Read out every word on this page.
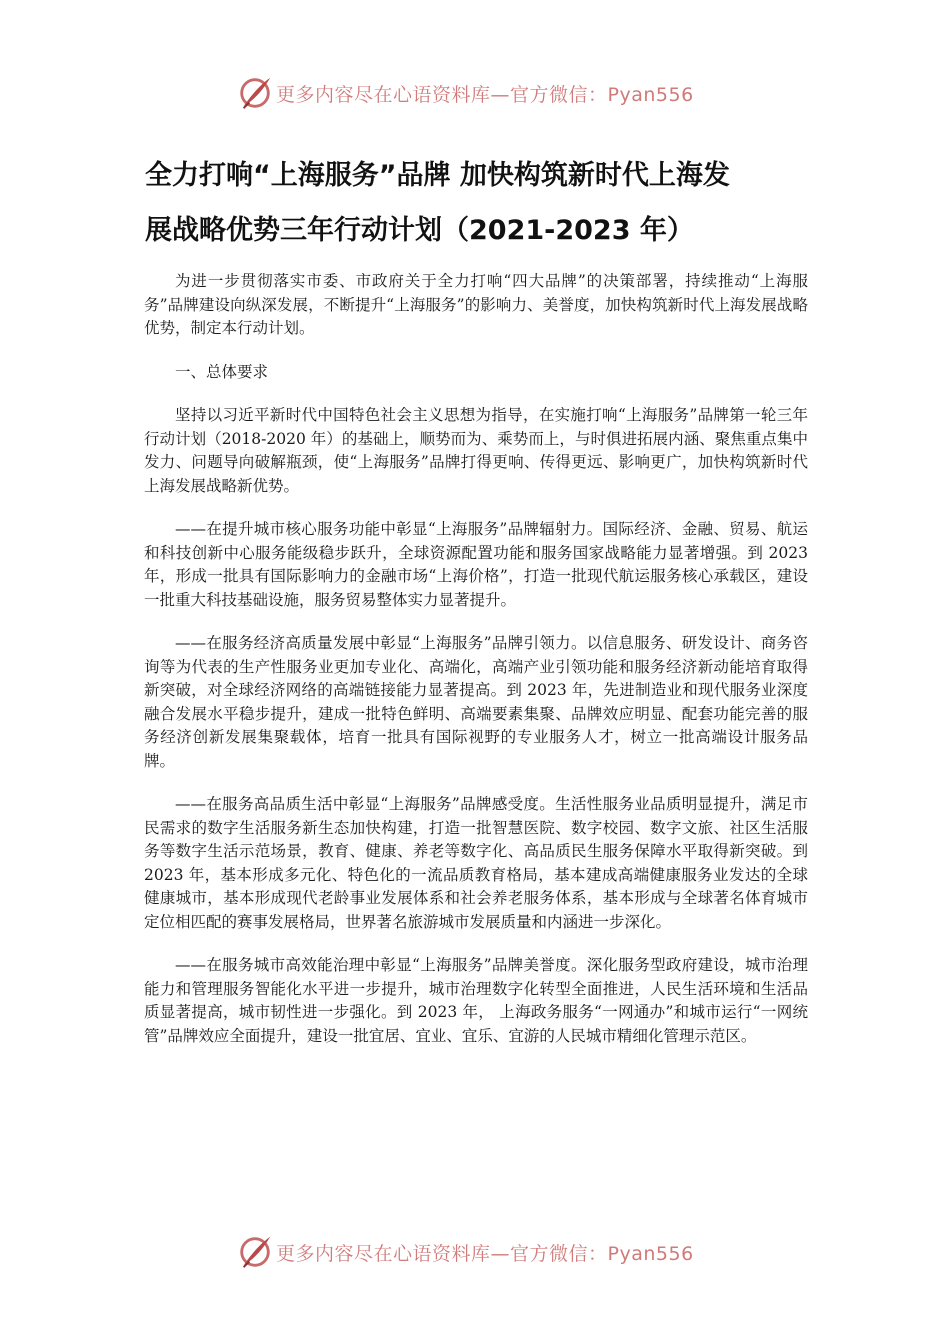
更多内容尽在心语资料库—官方微信：Pyan556
全力打响“上海服务”品牌 加快构筑新时代上海发
展战略优势三年行动计划（2021-2023 年）

为进一步贯彻落实市委、市政府关于全力打响“四大品牌”的决策部署，持续推动“上海服务”品牌建设向纵深发展，不断提升“上海服务”的影响力、美誉度，加快构筑新时代上海发展战略优势，制定本行动计划。

一、总体要求

坚持以习近平新时代中国特色社会主义思想为指导，在实施打响“上海服务”品牌第一轮三年行动计划（2018-2020 年）的基础上，顺势而为、乘势而上，与时俱进拓展内涵、聚焦重点集中发力、问题导向破解瓶颈，使“上海服务”品牌打得更响、传得更远、影响更广，加快构筑新时代上海发展战略新优势。

——在提升城市核心服务功能中彰显“上海服务”品牌辐射力。国际经济、金融、贸易、航运和科技创新中心服务能级稳步跃升，全球资源配置功能和服务国家战略能力显著增强。到 2023 年，形成一批具有国际影响力的金融市场“上海价格”，打造一批现代航运服务核心承载区，建设一批重大科技基础设施，服务贸易整体实力显著提升。

——在服务经济高质量发展中彰显“上海服务”品牌引领力。以信息服务、研发设计、商务咨询等为代表的生产性服务业更加专业化、高端化，高端产业引领功能和服务经济新动能培育取得新突破，对全球经济网络的高端链接能力显著提高。到 2023 年，先进制造业和现代服务业深度融合发展水平稳步提升，建成一批特色鲜明、高端要素集聚、品牌效应明显、配套功能完善的服务经济创新发展集聚载体，培育一批具有国际视野的专业服务人才，树立一批高端设计服务品牌。

——在服务高品质生活中彰显“上海服务”品牌感受度。生活性服务业品质明显提升，满足市民需求的数字生活服务新生态加快构建，打造一批智慧医院、数字校园、数字文旅、社区生活服务等数字生活示范场景，教育、健康、养老等数字化、高品质民生服务保障水平取得新突破。到 2023 年，基本形成多元化、特色化的一流品质教育格局，基本建成高端健康服务业发达的全球健康城市，基本形成现代老龄事业发展体系和社会养老服务体系，基本形成与全球著名体育城市定位相匹配的赛事发展格局，世界著名旅游城市发展质量和内涵进一步深化。

——在服务城市高效能治理中彰显“上海服务”品牌美誉度。深化服务型政府建设，城市治理能力和管理服务智能化水平进一步提升，城市治理数字化转型全面推进，人民生活环境和生活品质显著提高，城市韧性进一步强化。到 2023 年， 上海政务服务“一网通办”和城市运行“一网统管”品牌效应全面提升，建设一批宜居、宜业、宜乐、宜游的人民城市精细化管理示范区。

更多内容尽在心语资料库—官方微信：Pyan556
